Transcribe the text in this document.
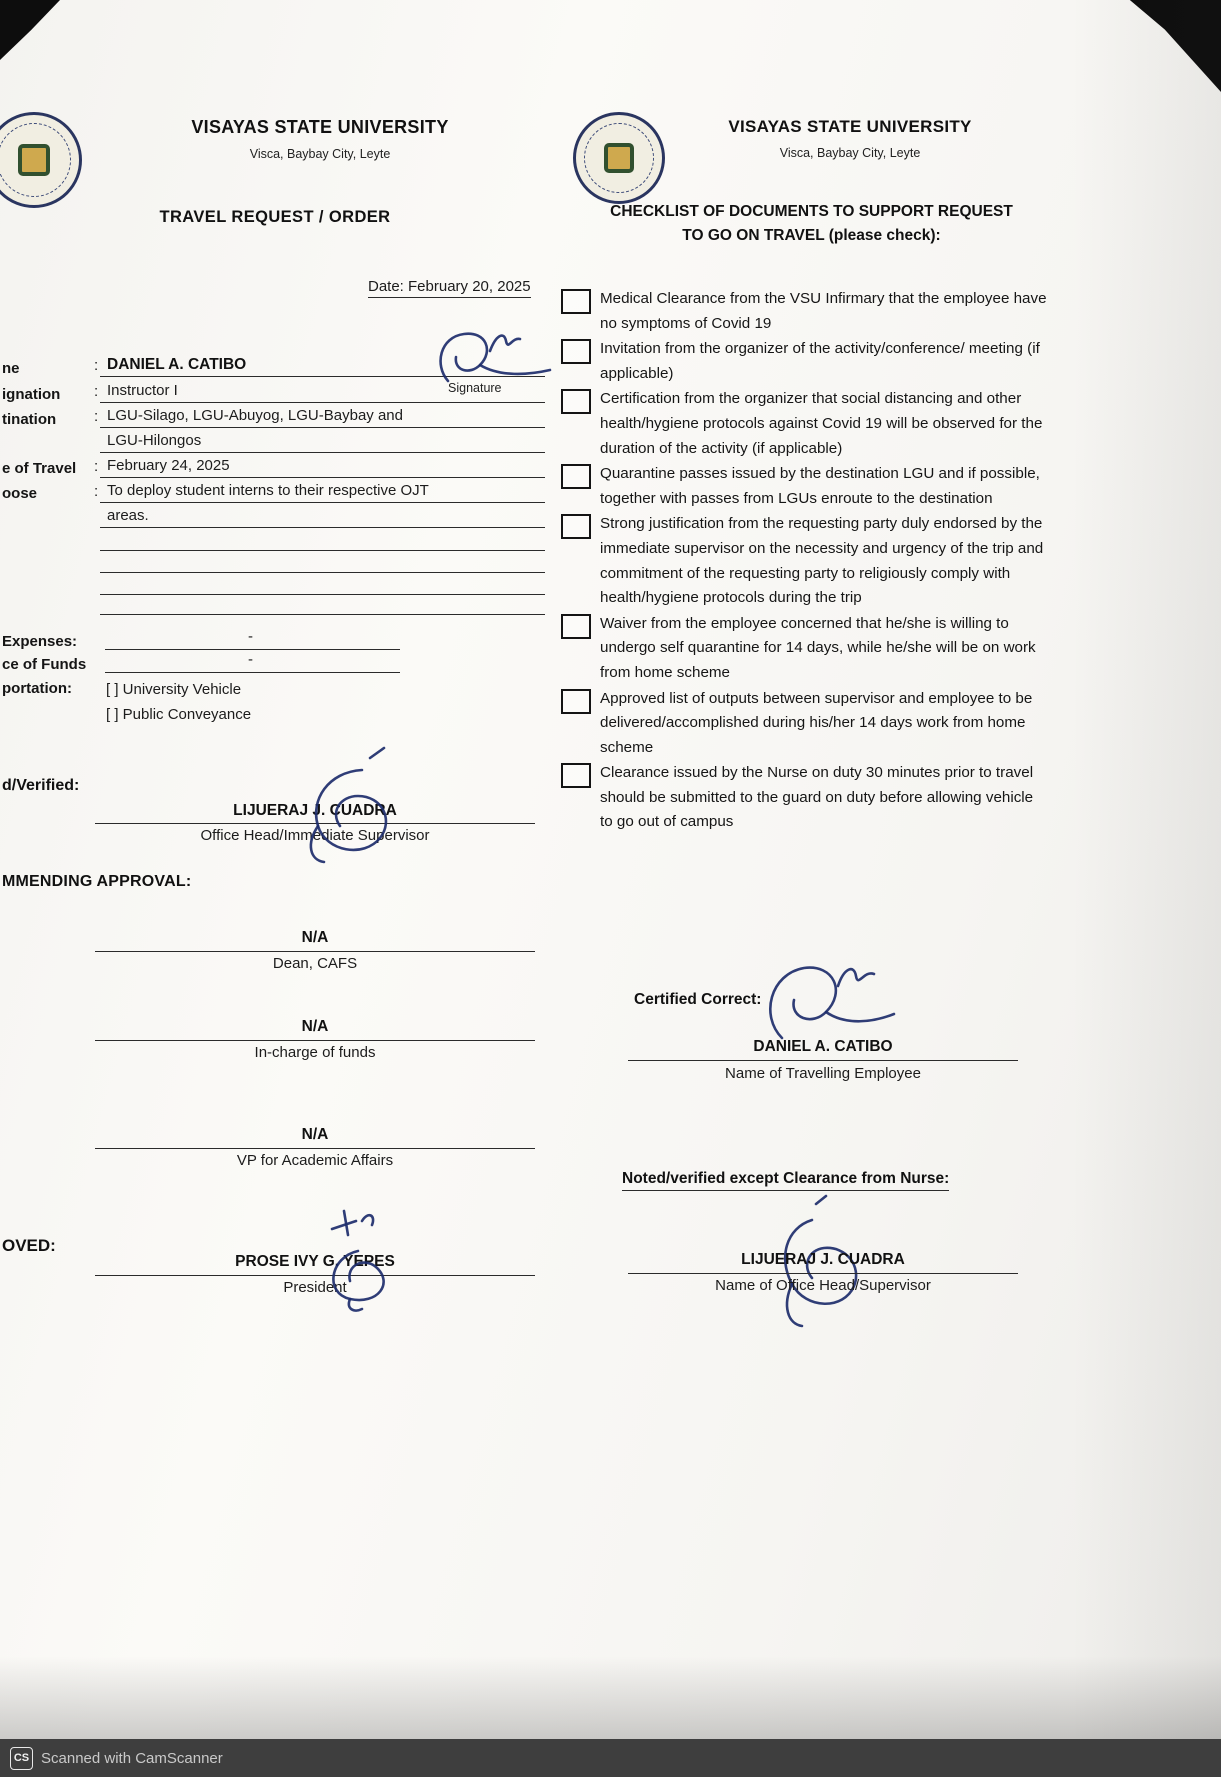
VISAYAS STATE UNIVERSITY
Visca, Baybay City, Leyte
TRAVEL REQUEST / ORDER
Date: February 20, 2025
ne	: DANIEL A. CATIBO
Signature
ignation : Instructor I
tination	: LGU-Silago, LGU-Abuyog, LGU-Baybay and
LGU-Hilongos
e of Travel : February 24, 2025
oose	: To deploy student interns to their respective OJT
areas.
Expenses:	-
ce of Funds	-
portation: [ ] University Vehicle
[ ] Public Conveyance
d/Verified:
LIJUERAJ J. CUADRA
Office Head/Immediate Supervisor
MMENDING APPROVAL:
N/A
Dean, CAFS
N/A
In-charge of funds
N/A
VP for Academic Affairs
OVED:
PROSE IVY G. YEPES
President
VISAYAS STATE UNIVERSITY
Visca, Baybay City, Leyte
CHECKLIST OF DOCUMENTS TO SUPPORT REQUEST
TO GO ON TRAVEL (please check):
Medical Clearance from the VSU Infirmary that the employee have no symptoms of Covid 19
Invitation from the organizer of the activity/conference/ meeting (if applicable)
Certification from the organizer that social distancing and other health/hygiene protocols against Covid 19 will be observed for the duration of the activity (if applicable)
Quarantine passes issued by the destination LGU and if possible, together with passes from LGUs enroute to the destination
Strong justification from the requesting party duly endorsed by the immediate supervisor on the necessity and urgency of the trip and commitment of the requesting party to religiously comply with health/hygiene protocols during the trip
Waiver from the employee concerned that he/she is willing to undergo self quarantine for 14 days, while he/she will be on work from home scheme
Approved list of outputs between supervisor and employee to be delivered/accomplished during his/her 14 days work from home scheme
Clearance issued by the Nurse on duty 30 minutes prior to travel should be submitted to the guard on duty before allowing vehicle to go out of campus
Certified Correct:
DANIEL A. CATIBO
Name of Travelling Employee
Noted/verified except Clearance from Nurse:
LIJUERAJ J. CUADRA
Name of Office Head/Supervisor
CS Scanned with CamScanner
